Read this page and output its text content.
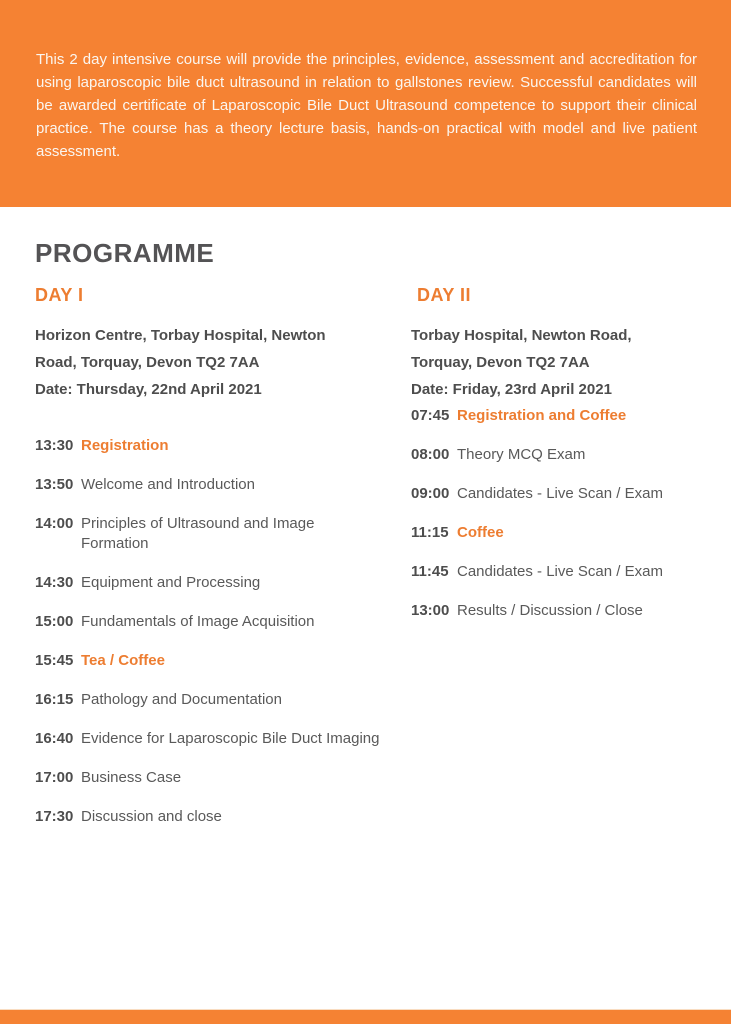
This 2 day intensive course will provide the principles, evidence, assessment and accreditation for using laparoscopic bile duct ultrasound in relation to gallstones review. Successful candidates will be awarded certificate of Laparoscopic Bile Duct Ultrasound competence to support their clinical practice. The course has a theory lecture basis, hands-on practical with model and live patient assessment.

PROGRAMME
DAY I

Horizon Centre, Torbay Hospital, Newton Road, Torquay, Devon TQ2 7AA

Date: Thursday, 22nd April 2021

13:30 Registration
13:50 Welcome and Introduction
14:00 Principles of Ultrasound and Image Formation
14:30 Equipment and Processing
15:00 Fundamentals of Image Acquisition
15:45 Tea / Coffee
16:15 Pathology and Documentation
16:40 Evidence for Laparoscopic Bile Duct Imaging
17:00 Business Case
17:30 Discussion and close
DAY II

Torbay Hospital, Newton Road, Torquay, Devon TQ2 7AA

Date: Friday, 23rd April 2021

07:45 Registration and Coffee
08:00 Theory MCQ Exam
09:00 Candidates - Live Scan / Exam
11:15 Coffee
11:45 Candidates - Live Scan / Exam
13:00 Results / Discussion / Close
